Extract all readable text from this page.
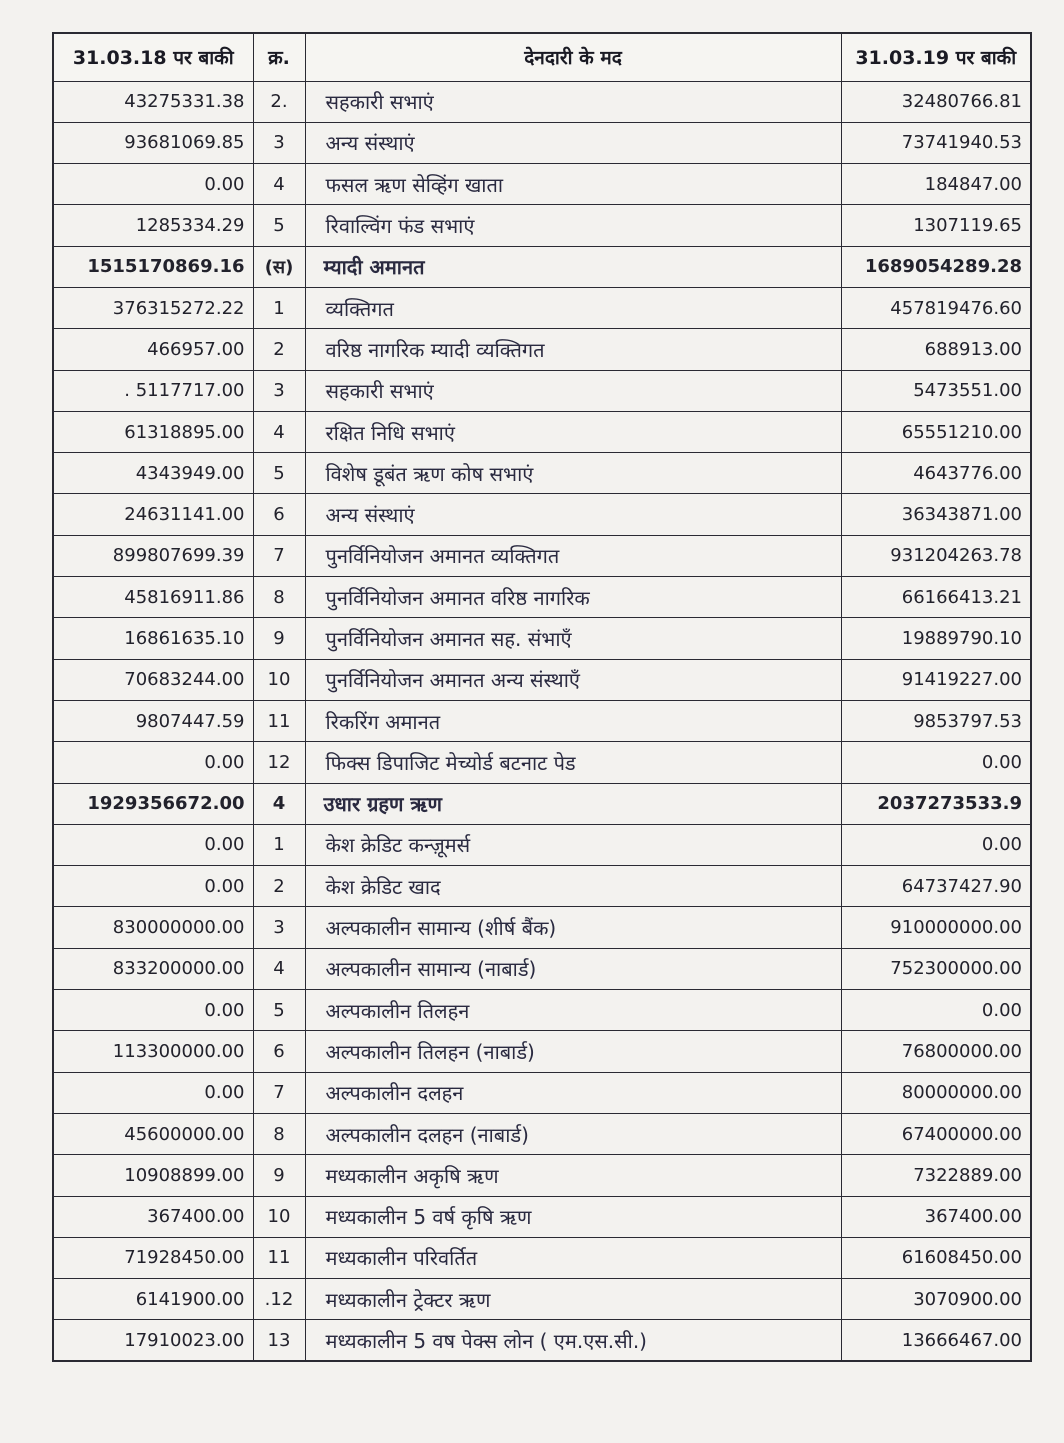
31.03.18 पर बाकी	क्र.	देनदारी के मद	31.03.19 पर बाकी
43275331.38	2.	सहकारी सभाएं	32480766.81
93681069.85	3	अन्य संस्थाएं	73741940.53
0.00	4	फसल ऋण सेव्हिंग खाता	184847.00
1285334.29	5	रिवाल्विंग फंड सभाएं	1307119.65
1515170869.16	(स)	म्यादी अमानत	1689054289.28
376315272.22	1	व्यक्तिगत	457819476.60
466957.00	2	वरिष्ठ नागरिक म्यादी व्यक्तिगत	688913.00
. 5117717.00	3	सहकारी सभाएं	5473551.00
61318895.00	4	रक्षित निधि सभाएं	65551210.00
4343949.00	5	विशेष डूबंत ऋण कोष सभाएं	4643776.00
24631141.00	6	अन्य संस्थाएं	36343871.00
899807699.39	7	पुनर्विनियोजन अमानत व्यक्तिगत	931204263.78
45816911.86	8	पुनर्विनियोजन अमानत वरिष्ठ नागरिक	66166413.21
16861635.10	9	पुनर्विनियोजन अमानत सह. संभाएँ	19889790.10
70683244.00	10	पुनर्विनियोजन अमानत अन्य संस्थाएँ	91419227.00
9807447.59	11	रिकरिंग अमानत	9853797.53
0.00	12	फिक्स डिपाजिट मेच्योर्ड बटनाट पेड	0.00
1929356672.00	4	उधार ग्रहण ऋण	2037273533.9
0.00	1	केश क्रेडिट कन्ज़ूमर्स	0.00
0.00	2	केश क्रेडिट खाद	64737427.90
830000000.00	3	अल्पकालीन सामान्य (शीर्ष बैंक)	910000000.00
833200000.00	4	अल्पकालीन सामान्य (नाबार्ड)	752300000.00
0.00	5	अल्पकालीन तिलहन	0.00
113300000.00	6	अल्पकालीन तिलहन (नाबार्ड)	76800000.00
0.00	7	अल्पकालीन दलहन	80000000.00
45600000.00	8	अल्पकालीन दलहन (नाबार्ड)	67400000.00
10908899.00	9	मध्यकालीन अकृषि ऋण	7322889.00
367400.00	10	मध्यकालीन 5 वर्ष कृषि ऋण	367400.00
71928450.00	11	मध्यकालीन परिवर्तित	61608450.00
6141900.00	.12	मध्यकालीन ट्रेक्टर ऋण	3070900.00
17910023.00	13	मध्यकालीन 5 वष पेक्स लोन ( एम.एस.सी.)	13666467.00
